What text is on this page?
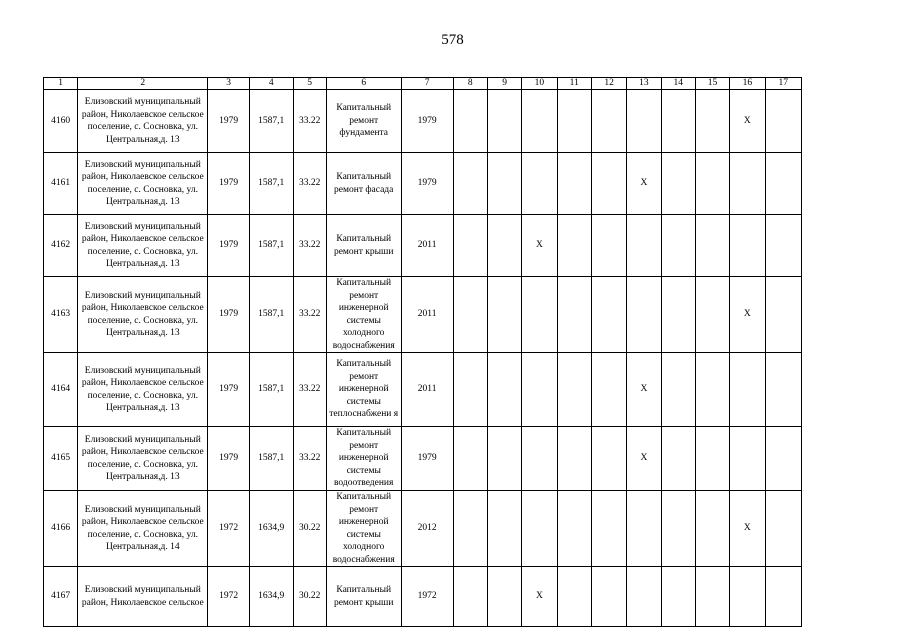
578
1	2	3	4	5	6	7	8	9	10	11	12	13	14	15	16	17
4160	Елизовский муниципальный район, Николаевское сельское поселение, с. Сосновка, ул. Центральная,д. 13	1979	1587,1	33.22	Капитальный ремонт фундамента	1979									Х	
4161	Елизовский муниципальный район, Николаевское сельское поселение, с. Сосновка, ул. Центральная,д. 13	1979	1587,1	33.22	Капитальный ремонт фасада	1979						Х				
4162	Елизовский муниципальный район, Николаевское сельское поселение, с. Сосновка, ул. Центральная,д. 13	1979	1587,1	33.22	Капитальный ремонт крыши	2011			Х							
4163	Елизовский муниципальный район, Николаевское сельское поселение, с. Сосновка, ул. Центральная,д. 13	1979	1587,1	33.22	Капитальный ремонт инженерной системы холодного водоснабжения	2011									Х	
4164	Елизовский муниципальный район, Николаевское сельское поселение, с. Сосновка, ул. Центральная,д. 13	1979	1587,1	33.22	Капитальный ремонт инженерной системы теплоснабжени я	2011						Х				
4165	Елизовский муниципальный район, Николаевское сельское поселение, с. Сосновка, ул. Центральная,д. 13	1979	1587,1	33.22	Капитальный ремонт инженерной системы водоотведения	1979						Х				
4166	Елизовский муниципальный район, Николаевское сельское поселение, с. Сосновка, ул. Центральная,д. 14	1972	1634,9	30.22	Капитальный ремонт инженерной системы холодного водоснабжения	2012									Х	
4167	Елизовский муниципальный район, Николаевское сельское	1972	1634,9	30.22	Капитальный ремонт крыши	1972			Х							
